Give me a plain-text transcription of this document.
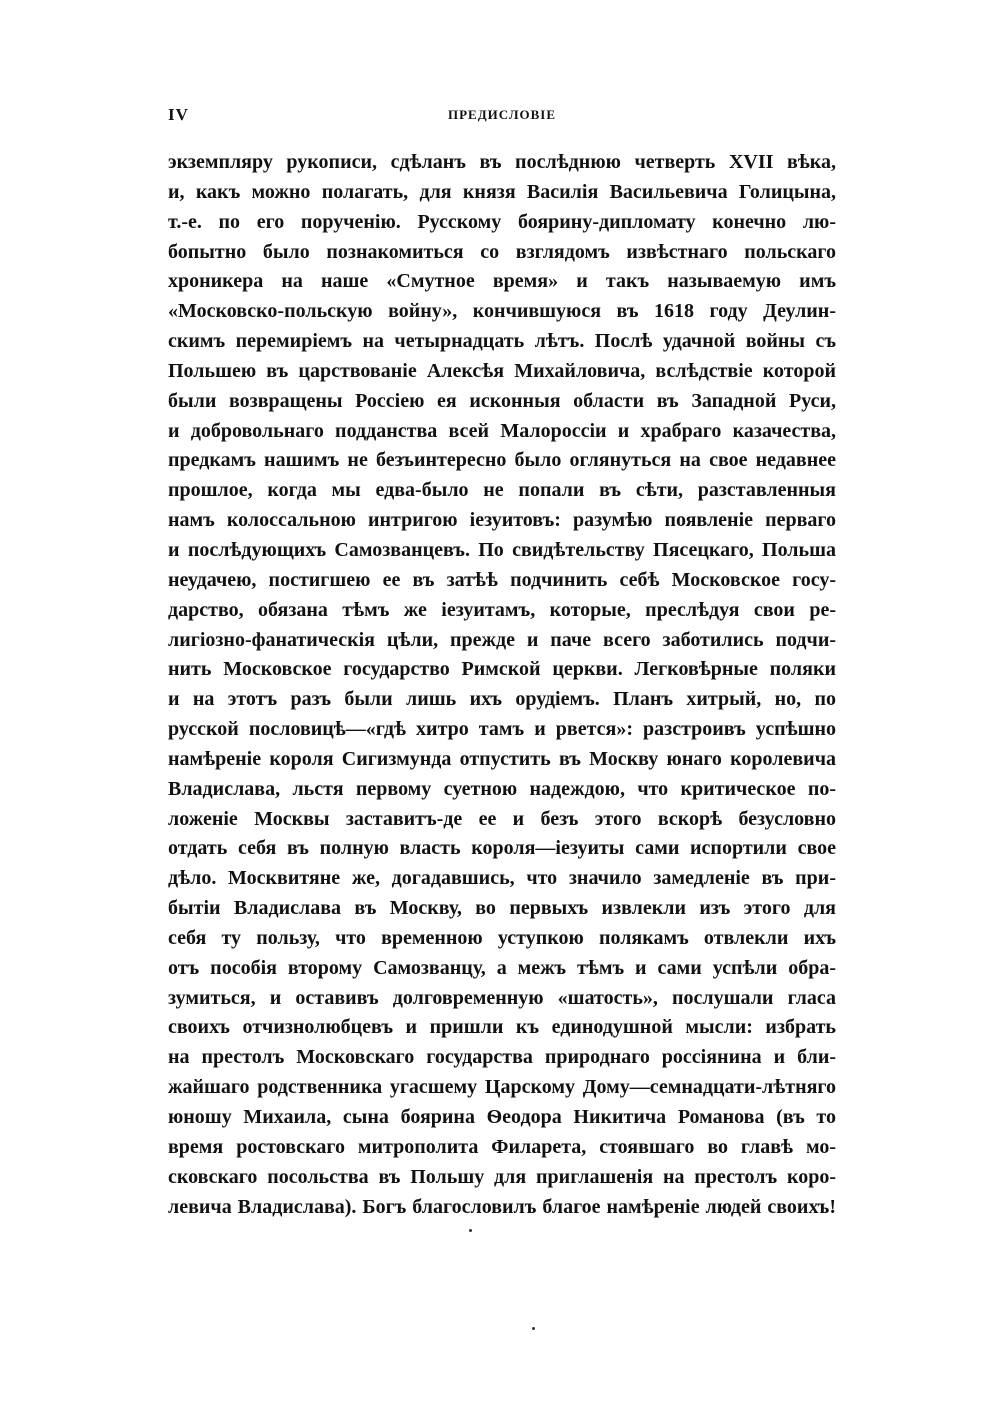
IV	ПРЕДИСЛОВІЕ
экземпляру рукописи, сдѣланъ въ послѣднюю четверть XVII вѣка,
и, какъ можно полагать, для князя Василія Васильевича Голицына,
т.-е. по его порученію. Русскому боярину-дипломату конечно лю-
бопытно было познакомиться со взглядомъ извѣстнаго польскаго
хроникера на наше «Смутное время» и такъ называемую имъ
«Московско-польскую войну», кончившуюся въ 1618 году Деулин-
скимъ перемиріемъ на четырнадцать лѣтъ. Послѣ удачной войны съ
Польшею въ царствованіе Алексѣя Михайловича, вслѣдствіе которой
были возвращены Россіею ея исконныя области въ Западной Руси,
и добровольнаго подданства всей Малороссіи и храбраго казачества,
предкамъ нашимъ не безъинтересно было оглянуться на свое недавнее
прошлое, когда мы едва-было не попали въ сѣти, разставленныя
намъ колоссальною интригою іезуитовъ: разумѣю появленіе перваго
и послѣдующихъ Самозванцевъ. По свидѣтельству Пясецкаго, Польша
неудачею, постигшею ее въ затѣѣ подчинить себѣ Московское госу-
дарство, обязана тѣмъ же іезуитамъ, которые, преслѣдуя свои ре-
лигіозно-фанатическія цѣли, прежде и паче всего заботились подчи-
нить Московское государство Римской церкви. Легковѣрные поляки
и на этотъ разъ были лишь ихъ орудіемъ. Планъ хитрый, но, по
русской пословицѣ—«гдѣ хитро тамъ и рвется»: разстроивъ успѣшно
намѣреніе короля Сигизмунда отпустить въ Москву юнаго королевича
Владислава, льстя первому суетною надеждою, что критическое по-
ложеніе Москвы заставитъ-де ее и безъ этого вскорѣ безусловно
отдать себя въ полную власть короля—іезуиты сами испортили свое
дѣло. Москвитяне же, догадавшись, что значило замедленіе въ при-
бытіи Владислава въ Москву, во первыхъ извлекли изъ этого для
себя ту пользу, что временною уступкою полякамъ отвлекли ихъ
отъ пособія второму Самозванцу, а межъ тѣмъ и сами успѣли обра-
зумиться, и оставивъ долговременную «шатость», послушали гласа
своихъ отчизнолюбцевъ и пришли къ единодушной мысли: избрать
на престолъ Московскаго государства природнаго россіянина и бли-
жайшаго родственника угасшему Царскому Дому—семнадцати-лѣтняго
юношу Михаила, сына боярина Ѳеодора Никитича Романова (въ то
время ростовскаго митрополита Филарета, стоявшаго во главѣ мо-
сковскаго посольства въ Польшу для приглашенія на престолъ коро-
левича Владислава). Богъ благословилъ благое намѣреніе людей своихъ!
